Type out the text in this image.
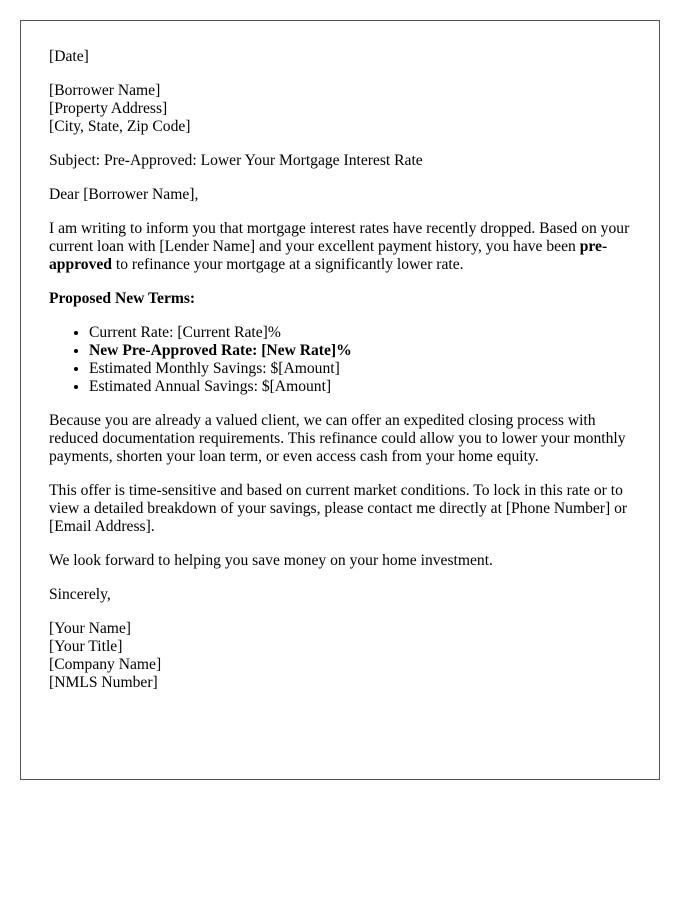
[Date]
[Borrower Name]
[Property Address]
[City, State, Zip Code]
Subject: Pre-Approved: Lower Your Mortgage Interest Rate
Dear [Borrower Name],

I am writing to inform you that mortgage interest rates have recently dropped. Based on your current loan with [Lender Name] and your excellent payment history, you have been pre-approved to refinance your mortgage at a significantly lower rate.

Proposed New Terms:
• Current Rate: [Current Rate]%
• New Pre-Approved Rate: [New Rate]%
• Estimated Monthly Savings: $[Amount]
• Estimated Annual Savings: $[Amount]

Because you are already a valued client, we can offer an expedited closing process with reduced documentation requirements. This refinance could allow you to lower your monthly payments, shorten your loan term, or even access cash from your home equity.

This offer is time-sensitive and based on current market conditions. To lock in this rate or to view a detailed breakdown of your savings, please contact me directly at [Phone Number] or [Email Address].

We look forward to helping you save money on your home investment.

Sincerely,
[Your Name]
[Your Title]
[Company Name]
[NMLS Number]
